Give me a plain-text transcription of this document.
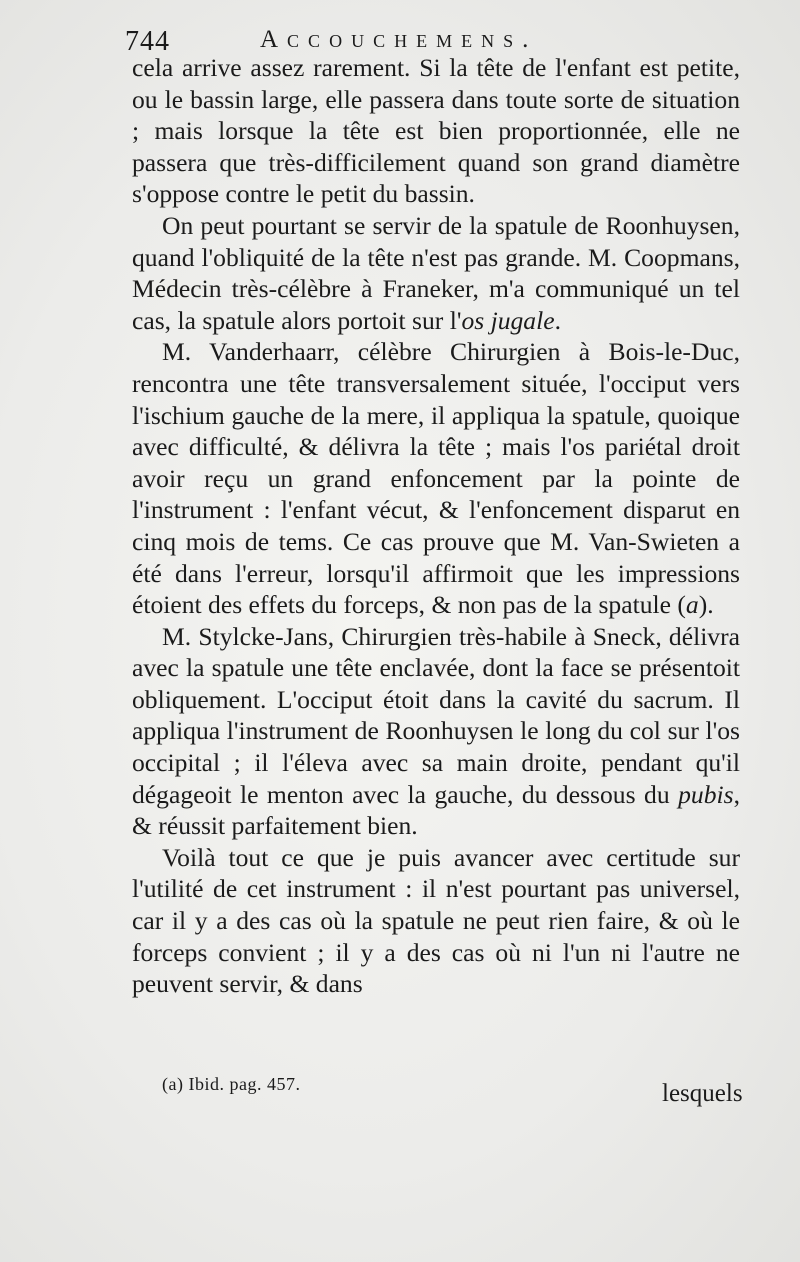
744	Accouchemens.

cela arrive assez rarement. Si la tête de l'enfant est petite, ou le bassin large, elle passera dans toute sorte de situation ; mais lorsque la tête est bien proportionnée, elle ne passera que très-difficilement quand son grand diamètre s'oppose contre le petit du bassin.

On peut pourtant se servir de la spatule de Roonhuysen, quand l'obliquité de la tête n'est pas grande. M. Coopmans, Médecin très-célèbre à Franeker, m'a communiqué un tel cas, la spatule alors portoit sur l'os jugale.

M. Vanderhaarr, célèbre Chirurgien à Bois-le-Duc, rencontra une tête transversalement située, l'occiput vers l'ischium gauche de la mere, il appliqua la spatule, quoique avec difficulté, & délivra la tête ; mais l'os pariétal droit avoir reçu un grand enfoncement par la pointe de l'instrument : l'enfant vécut, & l'enfoncement disparut en cinq mois de tems. Ce cas prouve que M. Van-Swieten a été dans l'erreur, lorsqu'il affirmoit que les impressions étoient des effets du forceps, & non pas de la spatule (a).

M. Stylcke-Jans, Chirurgien très-habile à Sneck, délivra avec la spatule une tête enclavée, dont la face se présentoit obliquement. L'occiput étoit dans la cavité du sacrum. Il appliqua l'instrument de Roonhuysen le long du col sur l'os occipital ; il l'éleva avec sa main droite, pendant qu'il dégageoit le menton avec la gauche, du dessous du pubis, & réussit parfaitement bien.

Voilà tout ce que je puis avancer avec certitude sur l'utilité de cet instrument : il n'est pourtant pas universel, car il y a des cas où la spatule ne peut rien faire, & où le forceps convient ; il y a des cas où ni l'un ni l'autre ne peuvent servir, & dans

(a) Ibid. pag. 457.	lesquels
